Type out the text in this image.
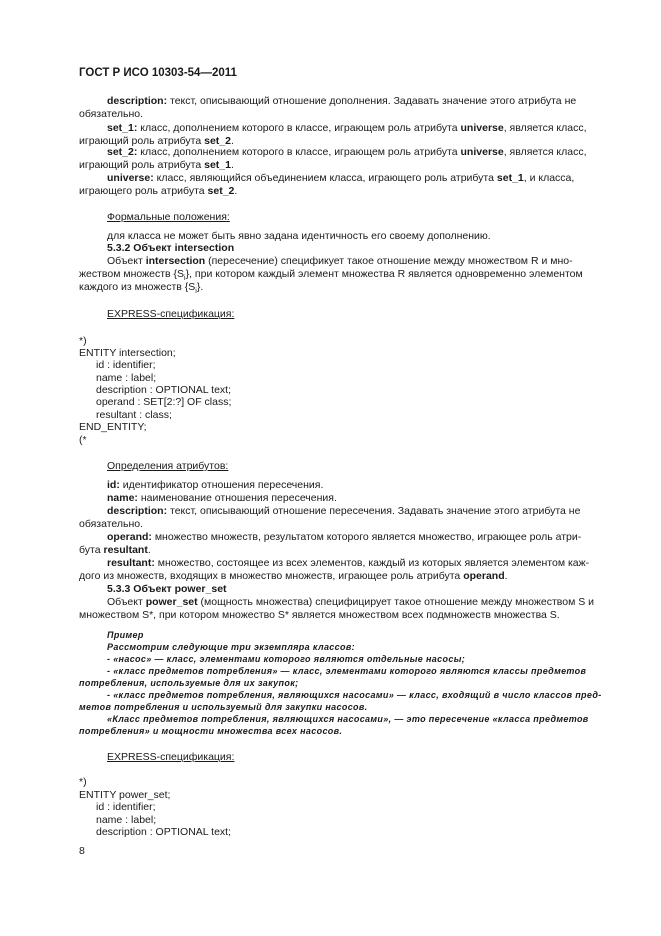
ГОСТ Р ИСО 10303-54—2011
description: текст, описывающий отношение дополнения. Задавать значение этого атрибута не
обязательно.
set_1: класс, дополнением которого в классе, играющем роль атрибута universe, является класс,
играющий роль атрибута set_2.
set_2: класс, дополнением которого в классе, играющем роль атрибута universe, является класс,
играющий роль атрибута set_1.
universe: класс, являющийся объединением класса, играющего роль атрибута set_1, и класса,
играющего роль атрибута set_2.
Формальные положения:
для класса не может быть явно задана идентичность его своему дополнению.
5.3.2 Объект intersection
Объект intersection (пересечение) спецификует такое отношение между множеством R и мно-
жеством множеств $\{S_i\}$, при котором каждый элемент множества R является одновременно элементом
каждого из множеств $\{S_i\}$.
EXPRESS-спецификация:
*)
ENTITY intersection;
id : identifier;
name : label;
description : OPTIONAL text;
operand : SET[2:?] OF class;
resultant : class;
END_ENTITY;
(*
Определения атрибутов:
id: идентификатор отношения пересечения.
name: наименование отношения пересечения.
description: текст, описывающий отношение пересечения. Задавать значение этого атрибута не
обязательно.
operand: множество множеств, результатом которого является множество, играющее роль атри-
бута resultant.
resultant: множество, состоящее из всех элементов, каждый из которых является элементом каж-
дого из множеств, входящих в множество множеств, играющее роль атрибута operand.
5.3.3 Объект power_set
Объект power_set (мощность множества) специфицирует такое отношение между множеством S и
множеством S*, при котором множество S* является множеством всех подмножеств множества S.
Пример
Рассмотрим следующие три экземпляра классов:
- «насос» — класс, элементами которого являются отдельные насосы;
- «класс предметов потребления» — класс, элементами которого являются классы предметов
потребления, используемые для их закупок;
- «класс предметов потребления, являющихся насосами» — класс, входящий в число классов пред-
метов потребления и используемый для закупки насосов.
«Класс предметов потребления, являющихся насосами», — это пересечение «класса предметов
потребления» и мощности множества всех насосов.
EXPRESS-спецификация:
*)
ENTITY power_set;
id : identifier;
name : label;
description : OPTIONAL text;
8
